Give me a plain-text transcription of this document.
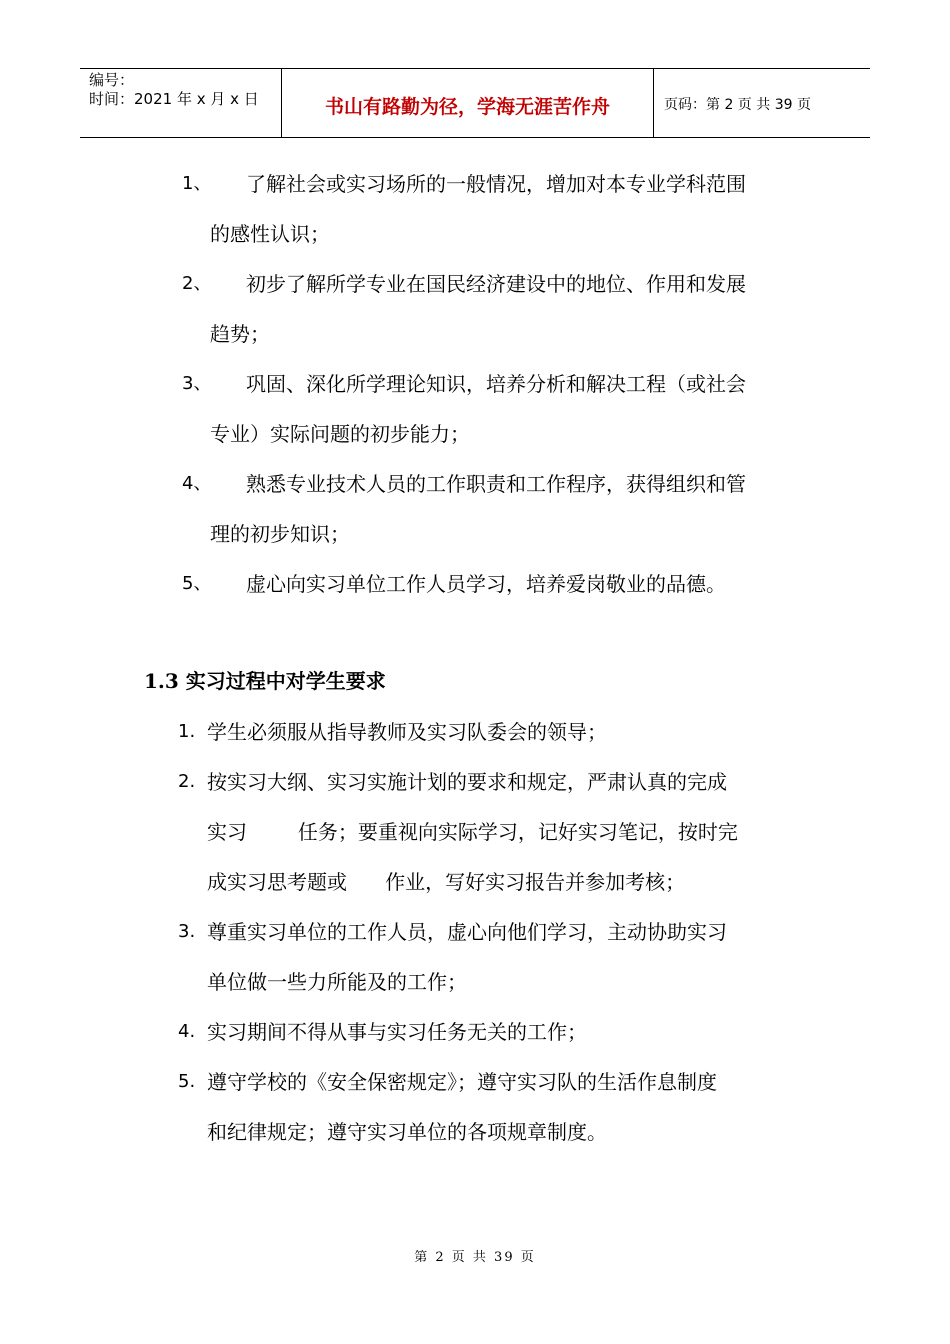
编号：
时间：2021 年 x 月 x 日	书山有路勤为径，学海无涯苦作舟	页码：第 2 页 共 39 页
1、 了解社会或实习场所的一般情况，增加对本专业学科范围
的感性认识；
2、 初步了解所学专业在国民经济建设中的地位、作用和发展
趋势；
3、 巩固、深化所学理论知识，培养分析和解决工程（或社会
专业）实际问题的初步能力；
4、 熟悉专业技术人员的工作职责和工作程序，获得组织和管
理的初步知识；
5、 虚心向实习单位工作人员学习，培养爱岗敬业的品德。
1.3 实习过程中对学生要求
1. 学生必须服从指导教师及实习队委会的领导；
2. 按实习大纲、实习实施计划的要求和规定，严肃认真的完成
实习        任务；要重视向实际学习，记好实习笔记，按时完
成实习思考题或      作业，写好实习报告并参加考核；
3. 尊重实习单位的工作人员，虚心向他们学习，主动协助实习
单位做一些力所能及的工作；
4. 实习期间不得从事与实习任务无关的工作；
5. 遵守学校的《安全保密规定》；遵守实习队的生活作息制度
和纪律规定；遵守实习单位的各项规章制度。
第 2 页 共 39 页
